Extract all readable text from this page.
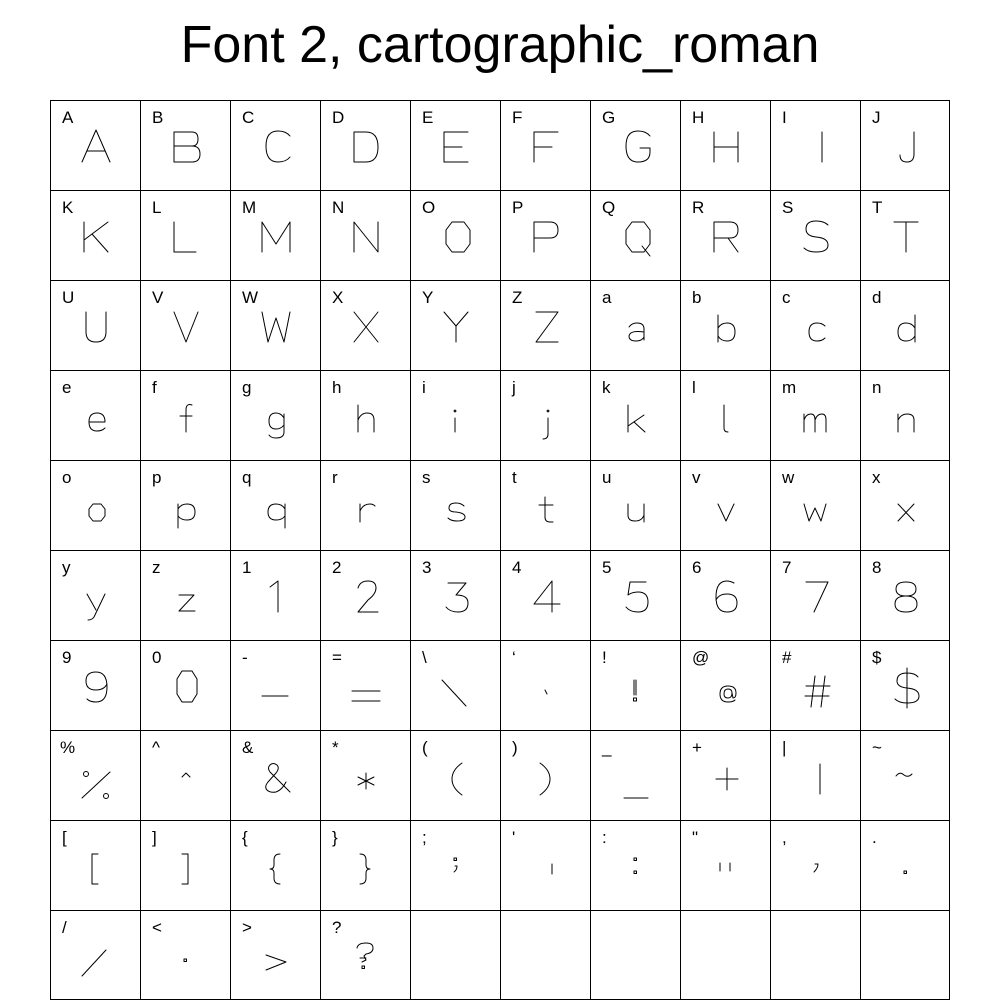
Font 2, cartographic_roman
A	B	C	D	E	F	G	H	I	J
K	L	M	N	O	P	Q	R	S	T
U	V	W	X	Y	Z	a	b	c	d
e	f	g	h	i	j	k	l	m	n
o	p	q	r	s	t	u	v	w	x
y	z	1	2	3	4	5	6	7	8
9	0	-	=	\	‘	!	@	#	$
%	^	&	*	(	)	_	+	|	~
[	]	{	}	;	'	:	"	,	.
/	<	>	?
